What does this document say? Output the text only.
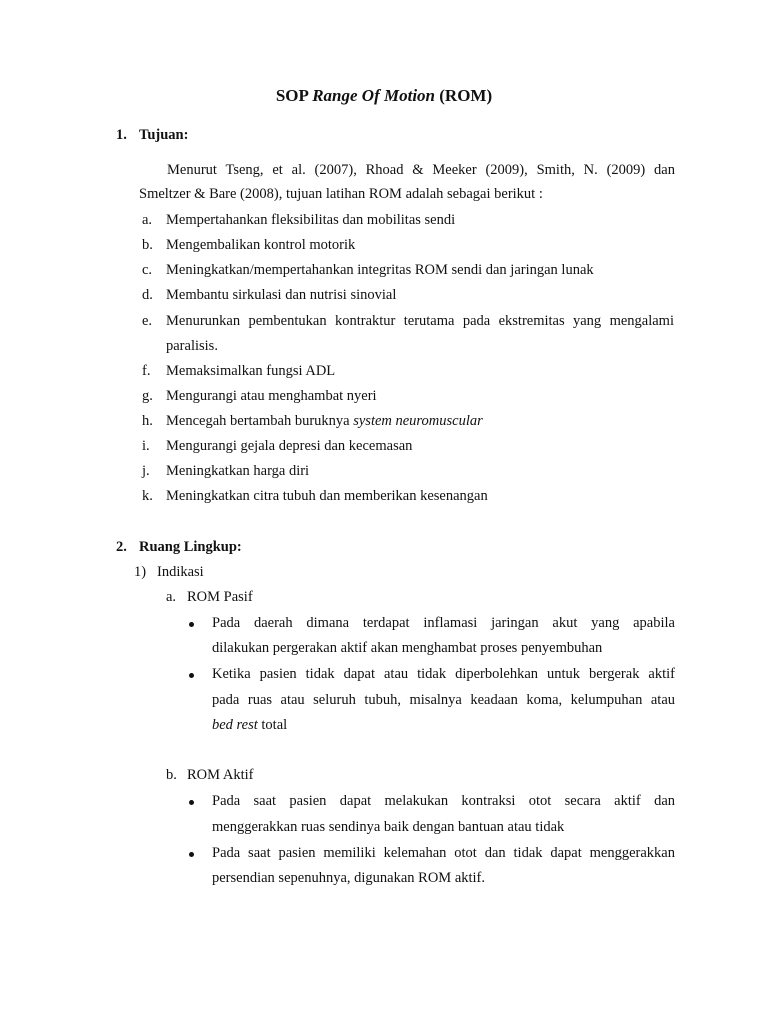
SOP Range Of Motion (ROM)
1. Tujuan:
Menurut Tseng, et al. (2007), Rhoad & Meeker (2009), Smith, N. (2009) dan
Smeltzer & Bare (2008), tujuan latihan ROM adalah sebagai berikut :
a. Mempertahankan fleksibilitas dan mobilitas sendi
b. Mengembalikan kontrol motorik
c. Meningkatkan/mempertahankan integritas ROM sendi dan jaringan lunak
d. Membantu sirkulasi dan nutrisi sinovial
e. Menurunkan pembentukan kontraktur terutama pada ekstremitas yang mengalami
paralisis.
f. Memaksimalkan fungsi ADL
g. Mengurangi atau menghambat nyeri
h. Mencegah bertambah buruknya system neuromuscular
i. Mengurangi gejala depresi dan kecemasan
j. Meningkatkan harga diri
k. Meningkatkan citra tubuh dan memberikan kesenangan
2. Ruang Lingkup:
1) Indikasi
a. ROM Pasif
Pada daerah dimana terdapat inflamasi jaringan akut yang apabila
dilakukan pergerakan aktif akan menghambat proses penyembuhan
Ketika pasien tidak dapat atau tidak diperbolehkan untuk bergerak aktif
pada ruas atau seluruh tubuh, misalnya keadaan koma, kelumpuhan atau
bed rest total
b. ROM Aktif
Pada saat pasien dapat melakukan kontraksi otot secara aktif dan
menggerakkan ruas sendinya baik dengan bantuan atau tidak
Pada saat pasien memiliki kelemahan otot dan tidak dapat menggerakkan
persendian sepenuhnya, digunakan ROM aktif.
